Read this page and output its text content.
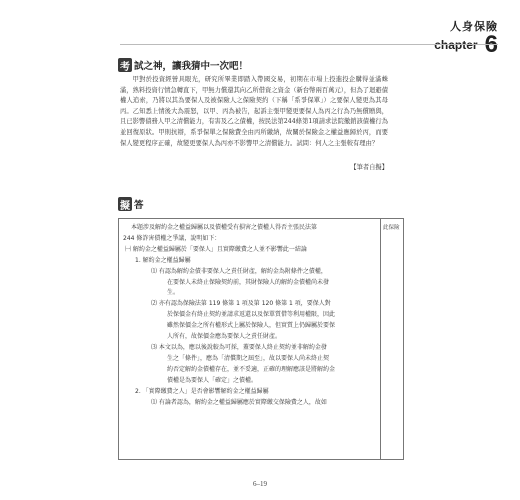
人身保險
chapter 6
考 試之神，讓我猜中一次吧！

甲對於投資經營具眼光，研究所畢業即踏入帶國交易，初期在市場上投進投企購得並滿蛛滿，熟料投資行情急轉直下，甲無力償還其向乙所借資之資金（新台幣兩百萬元），但為了迴避債權人追索，乃將以其為要保人及被保險人之保險契約（下稱「系爭保單」）之要保人變更為其母丙。乙知悉上情後大為震怒，以甲、丙為被告，起訴主張甲變更要保人為丙之行為乃無償贈與，且已影響債務人甲之清償能力，有害及乙之債權，按民法第244條第1項請求法院撤銷該債權行為並回復原狀。甲則抗辯，系爭保單之保險費全由丙所繳納，故關於保險金之權益應歸於丙，而要保人變更程序正確，故變更要保人為丙亦不影響甲之清償能力。試問：何人之主張較有理由？

【筆者自擬】
擬 答
此保險
本題涉及解約金之權益歸屬以及債權受有損害之債權人得否主張民法第
244 條詐害債權之爭議，說明如下：
㈠ 解約金之權益歸屬於「要保人」且實際繳費之人並不影響此一結論
1. 解約金之權益歸屬
⑴ 有認為解約金債非要保人之責任財產，解約金為附條件之債權，
在要保人未終止保險契約前，其財保險人的解約金債權尚未發
生。
⑵ 亦有認為保險法第 119 條第 1 項及第 120 條第 1 項，要保人對
於保價金有終止契約並請求返還以及保單質借等利用權限，因此
雖然保價金之所有權形式上屬於保險人，但實質上仍歸屬於要保
人所有，故保價金應為要保人之責任財產。
⑶ 本文以為，應以後說較為可採，蓋要保人終止契約並非解約金發
生之「條件」，應為「清償期之屆至」，故以要保人尚未終止契
約否定解約金債權存在，並不妥適，正確的理解應該是將解約金
債權是為要保人「確定」之債權。
2. 「實際繳費之人」是否會影響解約金之權益歸屬
⑴ 有論者認為，解約金之權益歸屬應於實際繳交保險費之人，故如
6–19
